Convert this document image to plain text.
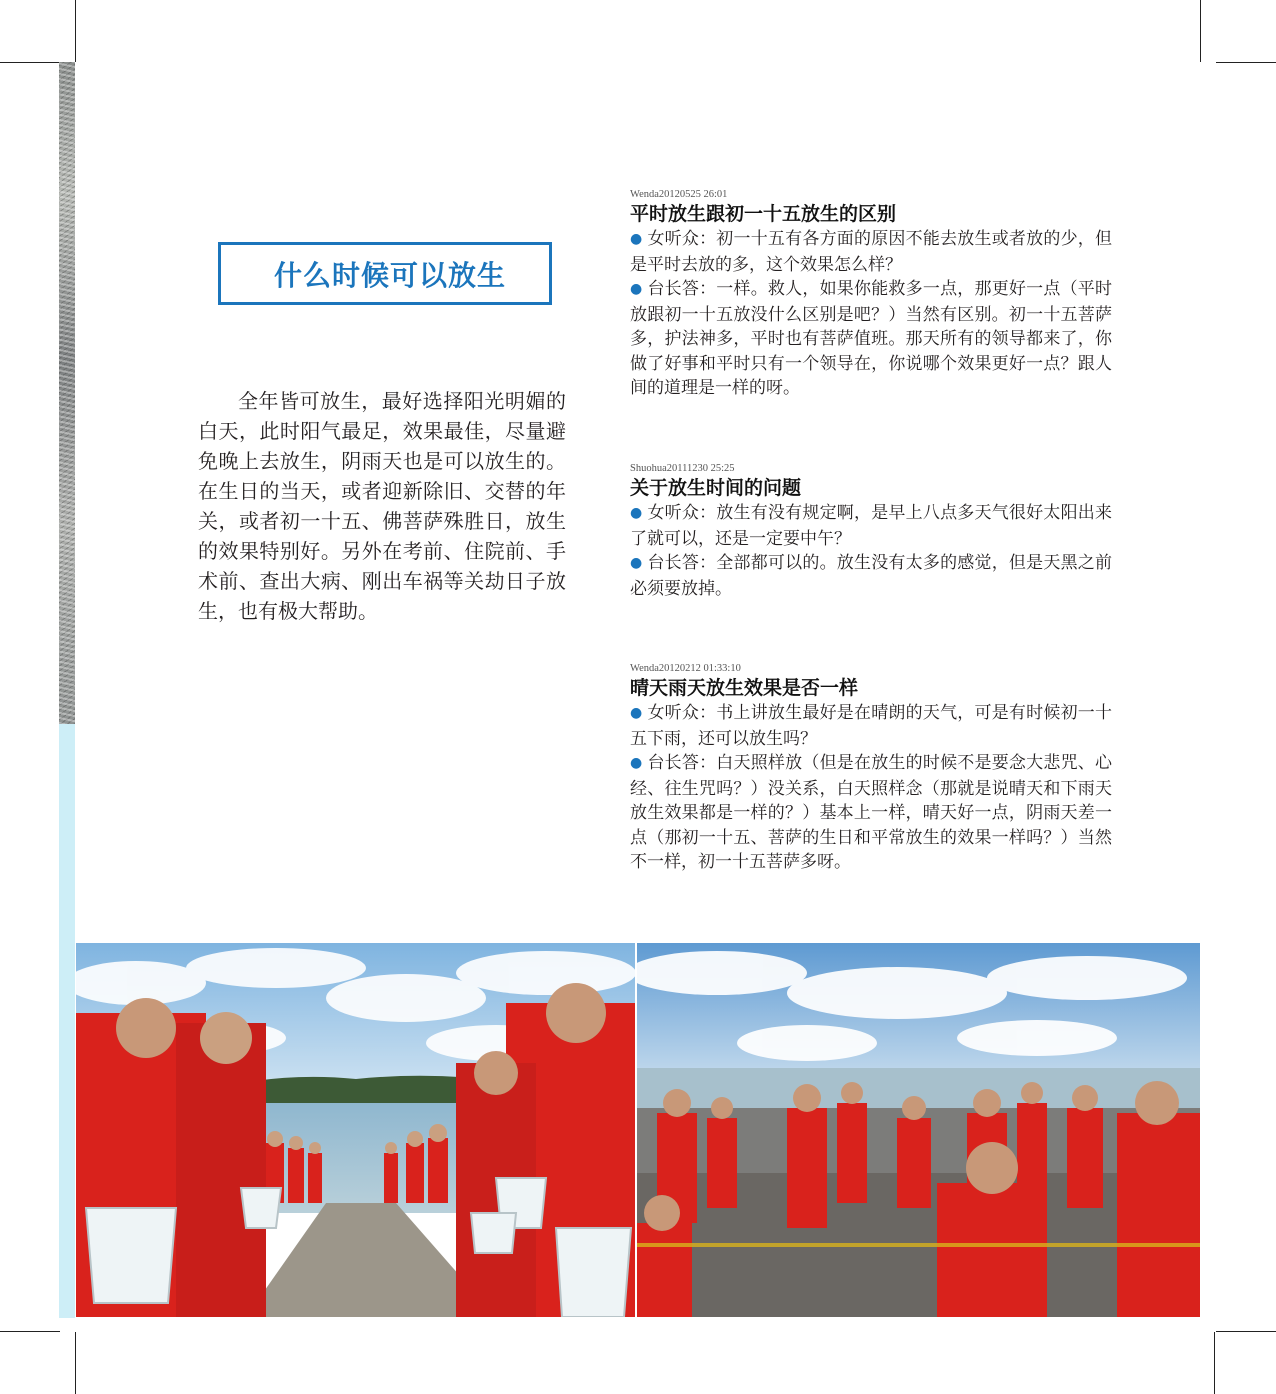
什么时候可以放生

全年皆可放生，最好选择阳光明媚的白天，此时阳气最足，效果最佳，尽量避免晚上去放生，阴雨天也是可以放生的。在生日的当天，或者迎新除旧、交替的年关，或者初一十五、佛菩萨殊胜日，放生的效果特别好。另外在考前、住院前、手术前、查出大病、刚出车祸等关劫日子放生，也有极大帮助。

Wenda20120525 26:01
平时放生跟初一十五放生的区别

● 女听众：初一十五有各方面的原因不能去放生或者放的少，但是平时去放的多，这个效果怎么样？

● 台长答：一样。救人，如果你能救多一点，那更好一点（平时放跟初一十五放没什么区别是吧？）当然有区别。初一十五菩萨多，护法神多，平时也有菩萨值班。那天所有的领导都来了，你做了好事和平时只有一个领导在，你说哪个效果更好一点？跟人间的道理是一样的呀。

Shuohua20111230 25:25
关于放生时间的问题

● 女听众：放生有没有规定啊，是早上八点多天气很好太阳出来了就可以，还是一定要中午？

● 台长答：全部都可以的。放生没有太多的感觉，但是天黑之前必须要放掉。

Wenda20120212 01:33:10
晴天雨天放生效果是否一样

● 女听众：书上讲放生最好是在晴朗的天气，可是有时候初一十五下雨，还可以放生吗？

● 台长答：白天照样放（但是在放生的时候不是要念大悲咒、心经、往生咒吗？）没关系，白天照样念（那就是说晴天和下雨天放生效果都是一样的？）基本上一样，晴天好一点，阴雨天差一点（那初一十五、菩萨的生日和平常放生的效果一样吗？）当然不一样，初一十五菩萨多呀。
